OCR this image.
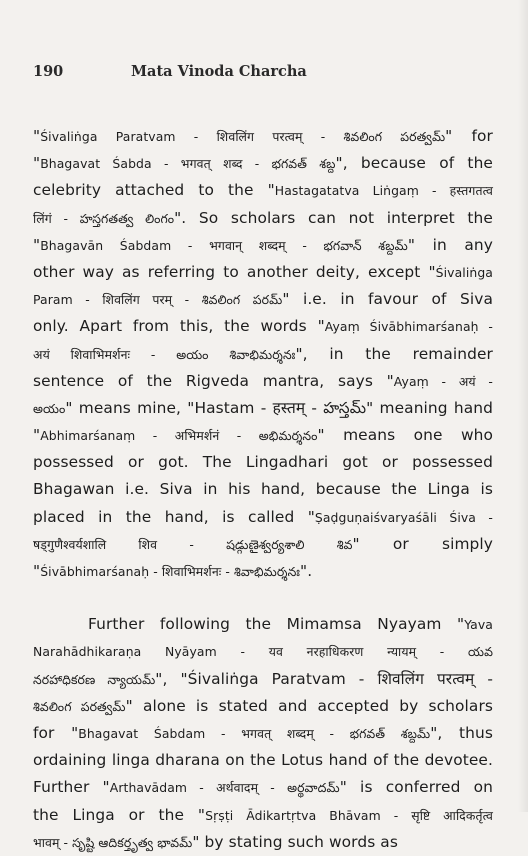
190	Mata Vinoda Charcha
"Śivaliṅga Paratvam - शिवलिंग परत्वम् - శివలింగ పరత్వమ్" for
"Bhagavat Śabda - भगवत् शब्द - భగవత్ శబ్ద", because of the
celebrity attached to the "Hastagatatva Liṅgaṃ - हस्तगतत्व
लिंगं - హస్తగతత్వ లింగం". So scholars can not interpret the
"Bhagavān Śabdam - भगवान् शब्दम् - భగవాన్ శబ్దమ్" in any
other way as referring to another deity, except "Śivaliṅga
Param - शिवलिंग परम् - శివలింగ పరమ్" i.e. in favour of Siva
only. Apart from this, the words "Ayaṃ Śivābhimarśanaḥ -
अयं शिवाभिमर्शनः - అయం శివాభిమర్శనః", in the remainder
sentence of the Rigveda mantra, says "Ayaṃ - अयं -
అయం" means mine, "Hastam - हस्तम् - హస్తమ్" meaning hand
"Abhimarśanaṃ - अभिमर्शनं - అభిమర్శనం" means one who
possessed or got. The Lingadhari got or possessed
Bhagawan i.e. Siva in his hand, because the Linga is
placed in the hand, is called "Ṣaḍguṇaiśvaryaśāli Śiva -
षड्गुणैश्वर्यशालि शिव - షడ్గుణైశ్వర్యశాలి శివ" or simply
"Śivābhimarśanaḥ - शिवाभिमर्शनः - శివాభిమర్శనః".
Further following the Mimamsa Nyayam "Yava
Narahādhikaraṇa Nyāyam - यव नरहाधिकरण न्यायम् - యవ
నరహాధికరణ న్యాయమ్", "Śivaliṅga Paratvam - शिवलिंग परत्वम् -
శివలింగ పరత్వమ్" alone is stated and accepted by scholars
for "Bhagavat Śabdam - भगवत् शब्दम् - భగవత్ శబ్దమ్", thus
ordaining linga dharana on the Lotus hand of the devotee.
Further "Arthavādam - अर्थवादम् - అర్థవాదమ్" is conferred on
the Linga or the "Sṛṣṭi Ādikartṛtva Bhāvam - सृष्टि आदिकर्तृत्व
भावम् - సృష్టి ఆదికర్తృత్వ భావమ్" by stating such words as
